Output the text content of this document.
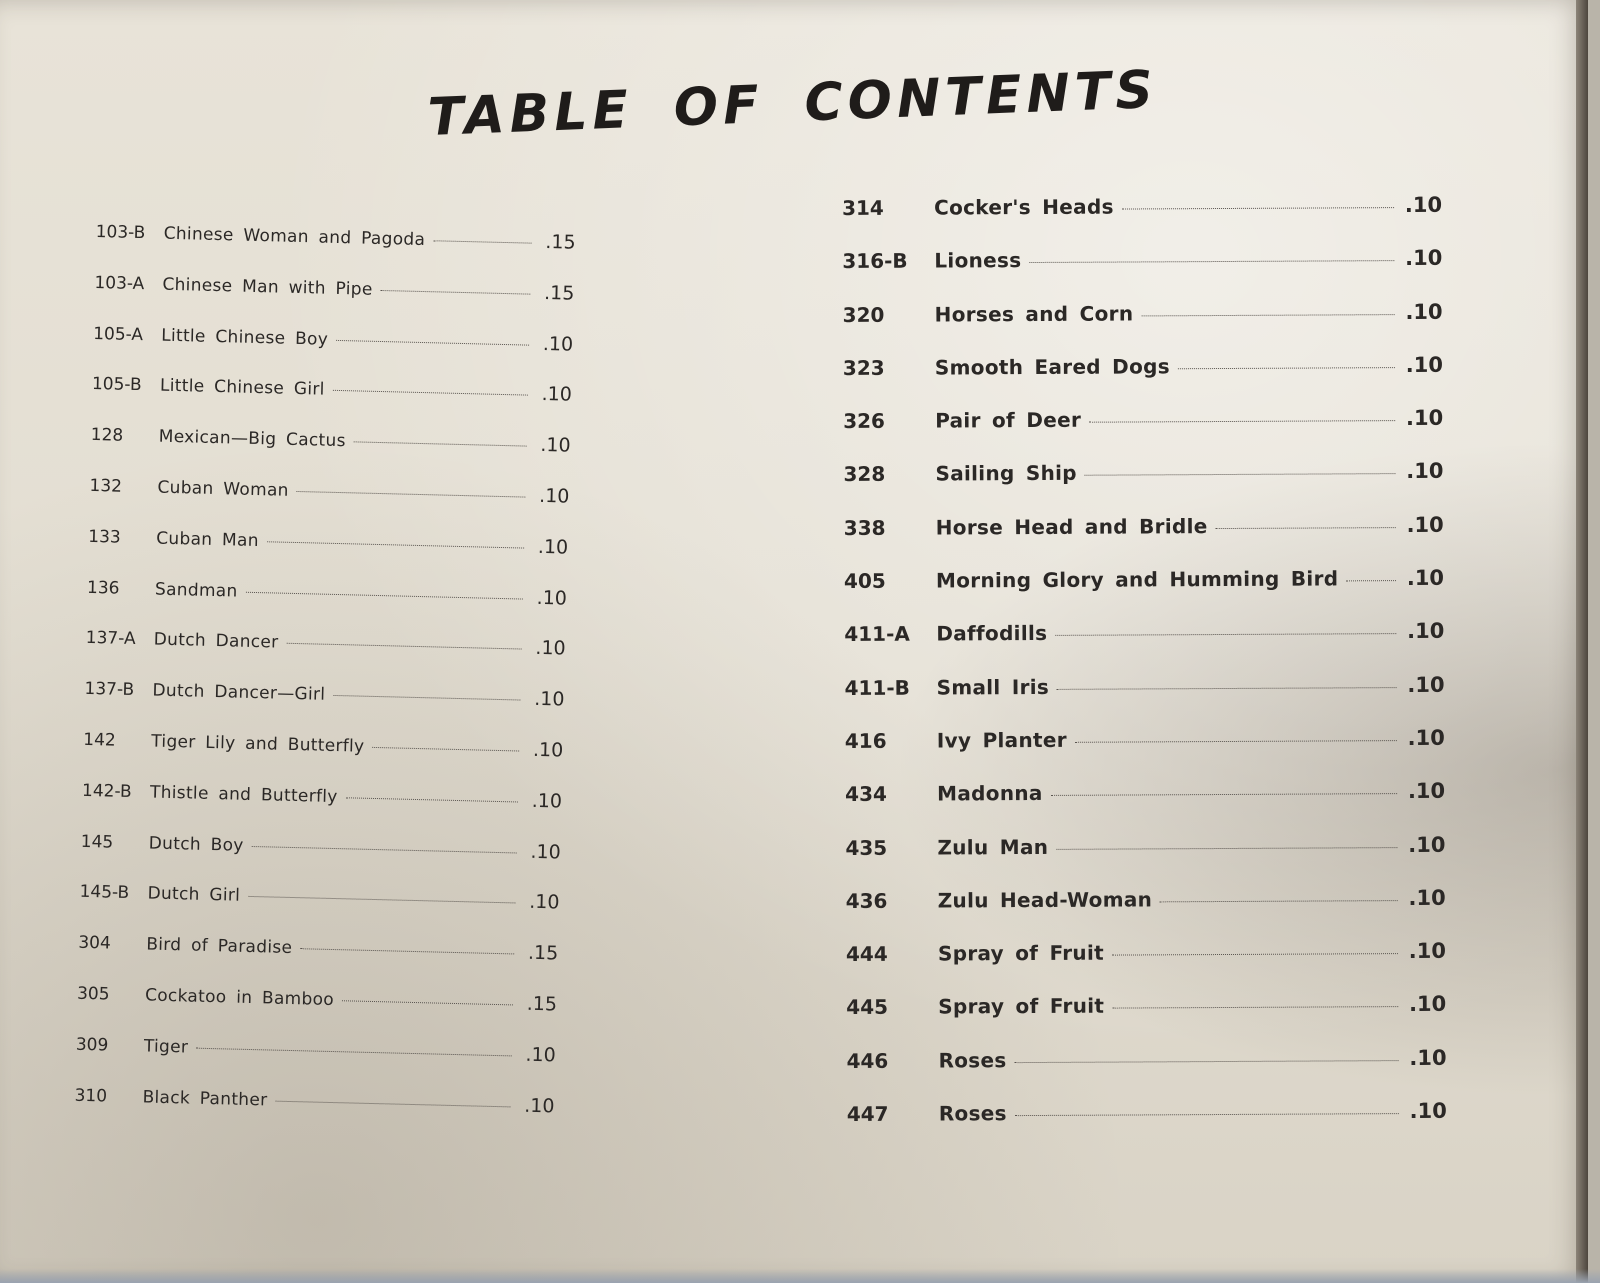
TABLE OF CONTENTS
103-B	Chinese Woman and Pagoda	.15
103-A	Chinese Man with Pipe	.15
105-A	Little Chinese Boy	.10
105-B	Little Chinese Girl	.10
128	Mexican—Big Cactus	.10
132	Cuban Woman	.10
133	Cuban Man	.10
136	Sandman	.10
137-A	Dutch Dancer	.10
137-B	Dutch Dancer—Girl	.10
142	Tiger Lily and Butterfly	.10
142-B	Thistle and Butterfly	.10
145	Dutch Boy	.10
145-B	Dutch Girl	.10
304	Bird of Paradise	.15
305	Cockatoo in Bamboo	.15
309	Tiger	.10
310	Black Panther	.10
314	Cocker's Heads	.10
316-B	Lioness	.10
320	Horses and Corn	.10
323	Smooth Eared Dogs	.10
326	Pair of Deer	.10
328	Sailing Ship	.10
338	Horse Head and Bridle	.10
405	Morning Glory and Humming Bird	.10
411-A	Daffodills	.10
411-B	Small Iris	.10
416	Ivy Planter	.10
434	Madonna	.10
435	Zulu Man	.10
436	Zulu Head-Woman	.10
444	Spray of Fruit	.10
445	Spray of Fruit	.10
446	Roses	.10
447	Roses	.10
